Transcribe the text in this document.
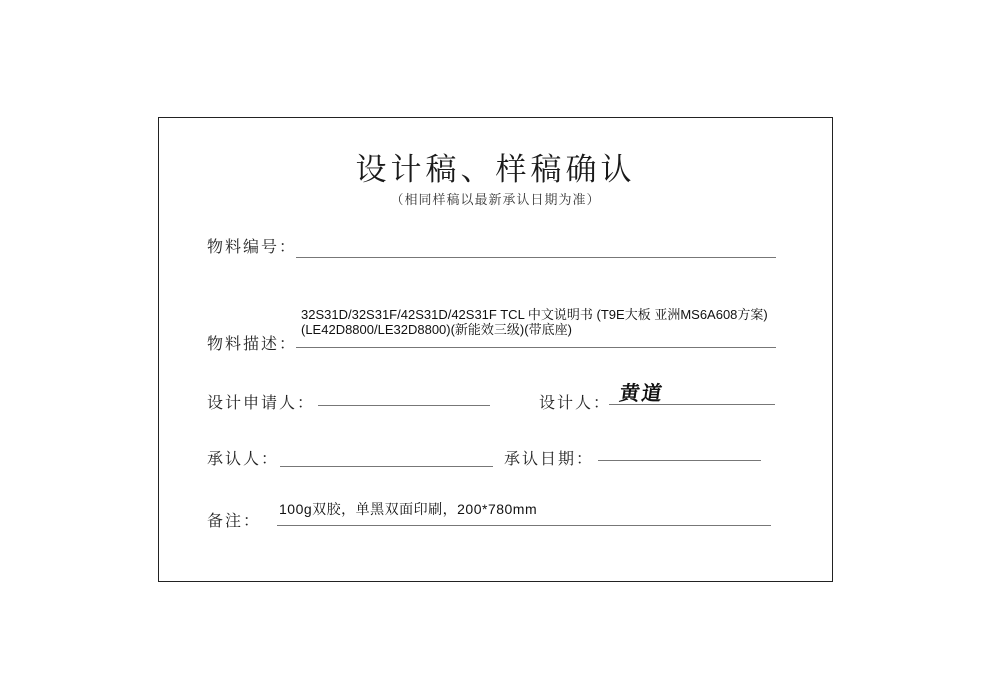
设计稿、样稿确认
（相同样稿以最新承认日期为准）
物料编号：
32S31D/32S31F/42S31D/42S31F TCL 中文说明书 (T9E大板 亚洲MS6A608方案)
(LE42D8800/LE32D8800)(新能效三级)(带底座)
物料描述：
设计申请人：	设计人： 黄道
承认人：	承认日期：
备注：
100g双胶，单黑双面印刷，200*780mm
